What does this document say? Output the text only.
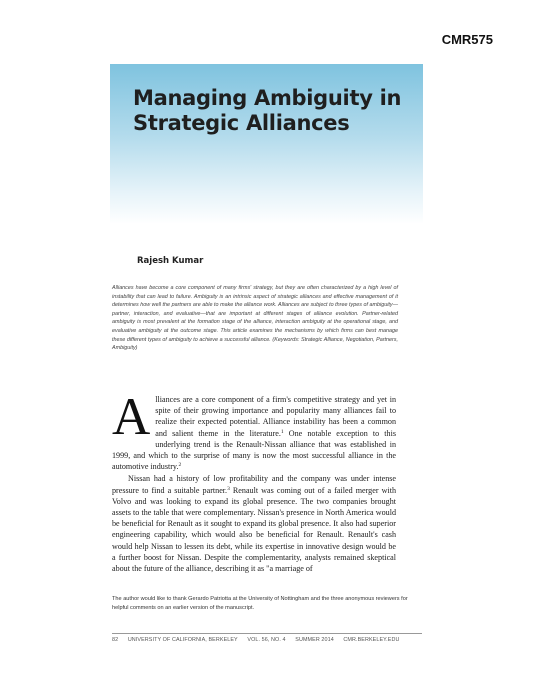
CMR575
Managing Ambiguity in
Strategic Alliances
Rajesh Kumar

Alliances have become a core component of many firms' strategy, but they are often characterized by a high level of instability that can lead to failure. Ambiguity is an intrinsic aspect of strategic alliances and effective management of it determines how well the partners are able to make the alliance work. Alliances are subject to three types of ambiguity—partner, interaction, and evaluative—that are important at different stages of alliance evolution. Partner-related ambiguity is most prevalent at the formation stage of the alliance, interaction ambiguity at the operational stage, and evaluative ambiguity at the outcome stage. This article examines the mechanisms by which firms can best manage these different types of ambiguity to achieve a successful alliance. (Keywords: Strategic Alliance, Negotiation, Partners, Ambiguity)

Alliances are a core component of a firm's competitive strategy and yet in spite of their growing importance and popularity many alliances fail to realize their expected potential. Alliance instability has been a common and salient theme in the literature.$^1$ One notable exception to this underlying trend is the Renault-Nissan alliance that was established in 1999, and which to the surprise of many is now the most successful alliance in the automotive industry.$^2$

Nissan had a history of low profitability and the company was under intense pressure to find a suitable partner.$^3$ Renault was coming out of a failed merger with Volvo and was looking to expand its global presence. The two companies brought assets to the table that were complementary. Nissan's presence in North America would be beneficial for Renault as it sought to expand its global presence. It also had superior engineering capability, which would also be beneficial for Renault. Renault's cash would help Nissan to lessen its debt, while its expertise in innovative design would be a further boost for Nissan. Despite the complementarity, analysts remained skeptical about the future of the alliance, describing it as "a marriage of

The author would like to thank Gerardo Patriotta at the University of Nottingham and the three anonymous reviewers for helpful comments on an earlier version of the manuscript.

82 UNIVERSITY OF CALIFORNIA, BERKELEY VOL. 56, NO. 4 SUMMER 2014 CMR.BERKELEY.EDU
